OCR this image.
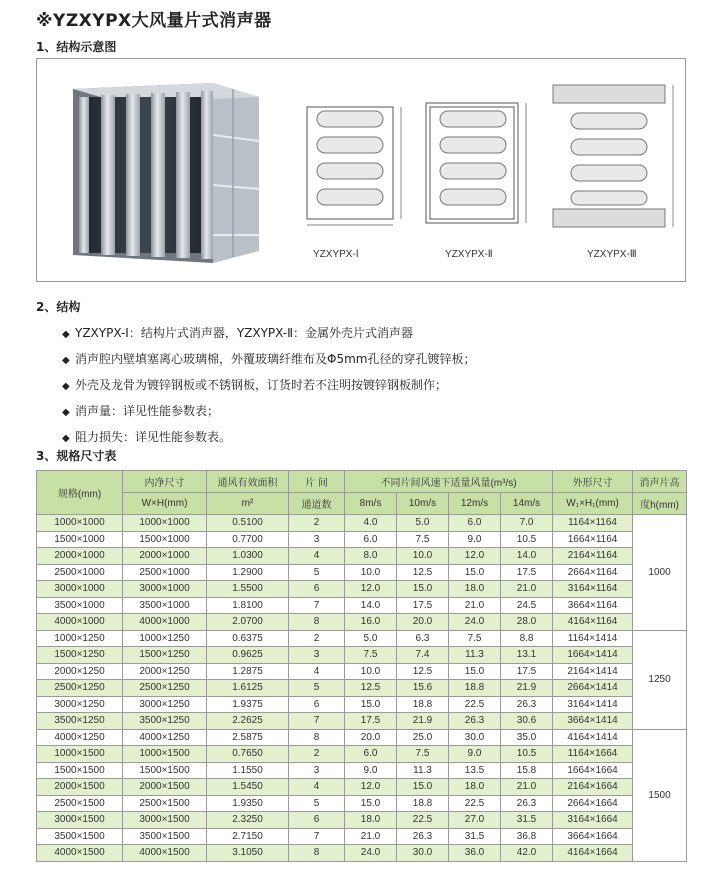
※YZXYPX大风量片式消声器
1、结构示意图
YZXYPX-Ⅰ	YZXYPX-Ⅱ	YZXYPX-Ⅲ
2、结构
◆ YZXYPX-Ⅰ：结构片式消声器，YZXYPX-Ⅱ：金属外壳片式消声器
◆ 消声腔内壁填塞离心玻璃棉，外覆玻璃纤维布及Φ5mm孔径的穿孔镀锌板；
◆ 外壳及龙骨为镀锌钢板或不锈钢板，订货时若不注明按镀锌钢板制作；
◆ 消声量：详见性能参数表；
◆ 阻力损失：详见性能参数表。
3、规格尺寸表
规格(mm)	内净尺寸	通风有效面积	片 间	不同片间风速下适量风量(m³/s)				外形尺寸	消声片高
	W×H(mm)	m²	通道数	8m/s	10m/s	12m/s	14m/s	W₁×H₁(mm)	度h(mm)
1000×1000	1000×1000	0.5100	2	4.0	5.0	6.0	7.0	1164×1164	1000
1500×1000	1500×1000	0.7700	3	6.0	7.5	9.0	10.5	1664×1164	
2000×1000	2000×1000	1.0300	4	8.0	10.0	12.0	14.0	2164×1164	
2500×1000	2500×1000	1.2900	5	10.0	12.5	15.0	17.5	2664×1164	
3000×1000	3000×1000	1.5500	6	12.0	15.0	18.0	21.0	3164×1164	
3500×1000	3500×1000	1.8100	7	14.0	17.5	21.0	24.5	3664×1164	
4000×1000	4000×1000	2.0700	8	16.0	20.0	24.0	28.0	4164×1164	
1000×1250	1000×1250	0.6375	2	5.0	6.3	7.5	8.8	1164×1414	1250
1500×1250	1500×1250	0.9625	3	7.5	7.4	11.3	13.1	1664×1414	
2000×1250	2000×1250	1.2875	4	10.0	12.5	15.0	17.5	2164×1414	
2500×1250	2500×1250	1.6125	5	12.5	15.6	18.8	21.9	2664×1414	
3000×1250	3000×1250	1.9375	6	15.0	18.8	22.5	26.3	3164×1414	
3500×1250	3500×1250	2.2625	7	17.5	21.9	26.3	30.6	3664×1414	
4000×1250	4000×1250	2.5875	8	20.0	25.0	30.0	35.0	4164×1414	1500
1000×1500	1000×1500	0.7650	2	6.0	7.5	9.0	10.5	1164×1664	
1500×1500	1500×1500	1.1550	3	9.0	11.3	13.5	15.8	1664×1664	
2000×1500	2000×1500	1.5450	4	12.0	15.0	18.0	21.0	2164×1664	
2500×1500	2500×1500	1.9350	5	15.0	18.8	22.5	26.3	2664×1664	
3000×1500	3000×1500	2.3250	6	18.0	22.5	27.0	31.5	3164×1664	
3500×1500	3500×1500	2.7150	7	21.0	26.3	31.5	36.8	3664×1664	
4000×1500	4000×1500	3.1050	8	24.0	30.0	36.0	42.0	4164×1664	
